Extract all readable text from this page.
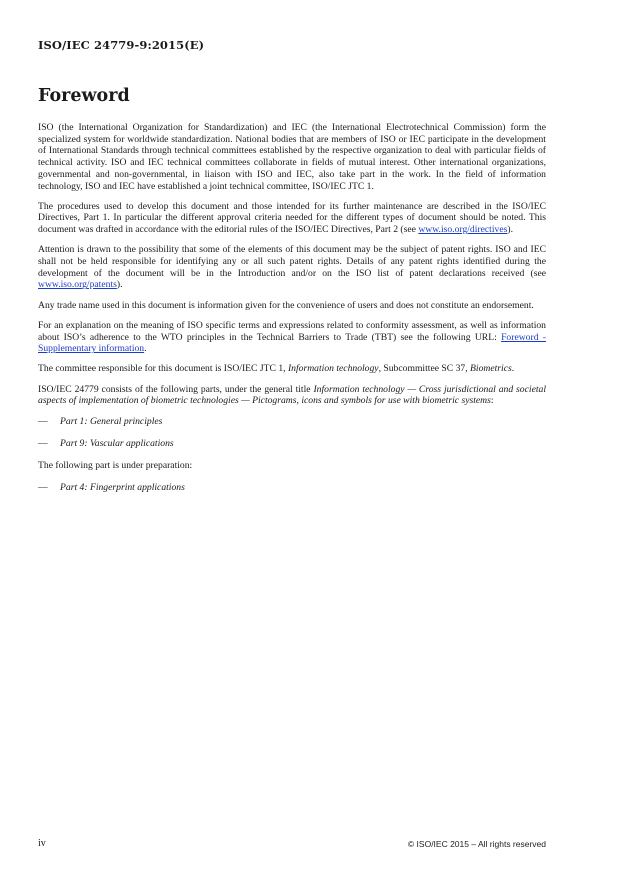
ISO/IEC 24779-9:2015(E)
Foreword

ISO (the International Organization for Standardization) and IEC (the International Electrotechnical Commission) form the specialized system for worldwide standardization. National bodies that are members of ISO or IEC participate in the development of International Standards through technical committees established by the respective organization to deal with particular fields of technical activity. ISO and IEC technical committees collaborate in fields of mutual interest. Other international organizations, governmental and non-governmental, in liaison with ISO and IEC, also take part in the work. In the field of information technology, ISO and IEC have established a joint technical committee, ISO/IEC JTC 1.

The procedures used to develop this document and those intended for its further maintenance are described in the ISO/IEC Directives, Part 1. In particular the different approval criteria needed for the different types of document should be noted. This document was drafted in accordance with the editorial rules of the ISO/IEC Directives, Part 2 (see www.iso.org/directives).

Attention is drawn to the possibility that some of the elements of this document may be the subject of patent rights. ISO and IEC shall not be held responsible for identifying any or all such patent rights. Details of any patent rights identified during the development of the document will be in the Introduction and/or on the ISO list of patent declarations received (see www.iso.org/patents).

Any trade name used in this document is information given for the convenience of users and does not constitute an endorsement.

For an explanation on the meaning of ISO specific terms and expressions related to conformity assessment, as well as information about ISO’s adherence to the WTO principles in the Technical Barriers to Trade (TBT) see the following URL: Foreword - Supplementary information.

The committee responsible for this document is ISO/IEC JTC 1, Information technology, Subcommittee SC 37, Biometrics.

ISO/IEC 24779 consists of the following parts, under the general title Information technology — Cross jurisdictional and societal aspects of implementation of biometric technologies — Pictograms, icons and symbols for use with biometric systems:

— Part 1: General principles

— Part 9: Vascular applications

The following part is under preparation:

— Part 4: Fingerprint applications

iv	© ISO/IEC 2015 – All rights reserved
